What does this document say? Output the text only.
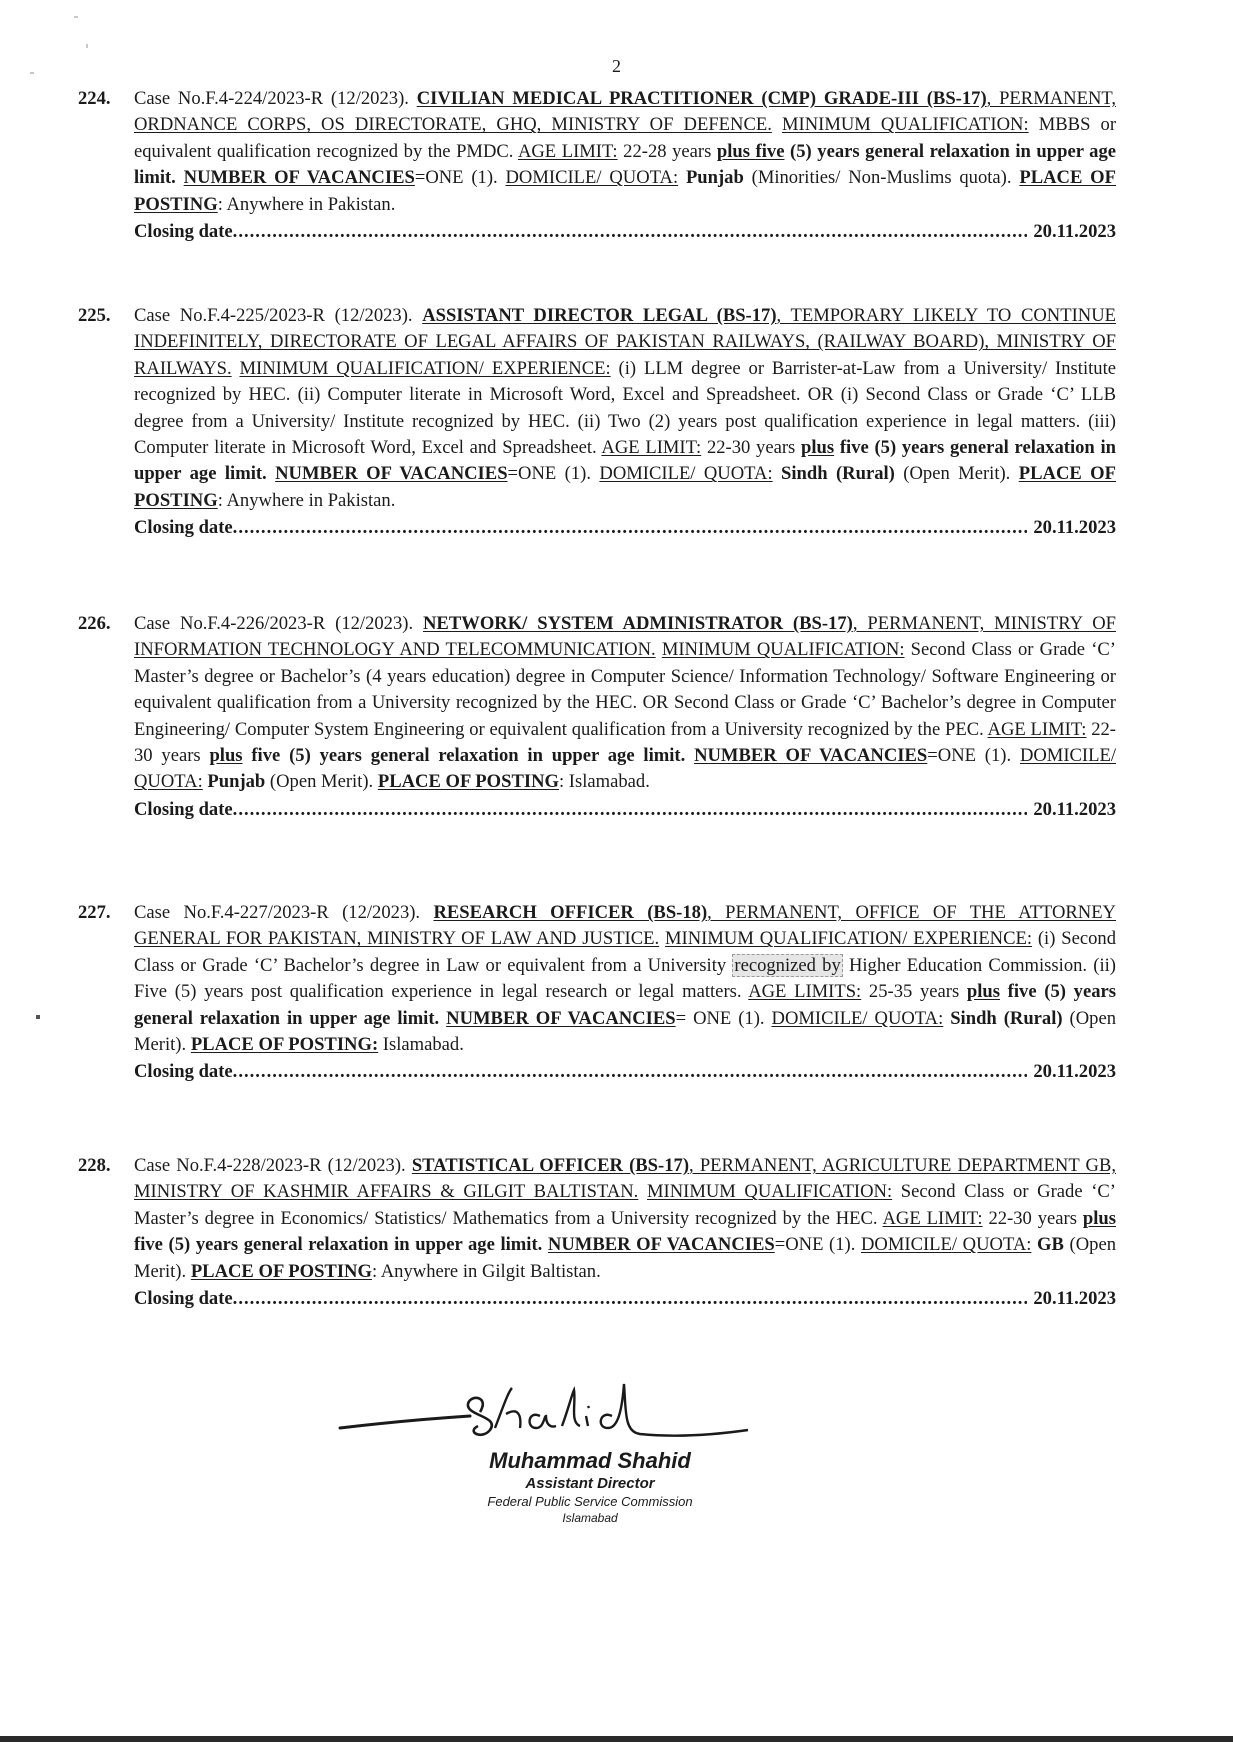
2
224.	Case No.F.4-224/2023-R (12/2023). CIVILIAN MEDICAL PRACTITIONER (CMP) GRADE-III (BS-17), PERMANENT, ORDNANCE CORPS, OS DIRECTORATE, GHQ, MINISTRY OF DEFENCE. MINIMUM QUALIFICATION: MBBS or equivalent qualification recognized by the PMDC. AGE LIMIT: 22-28 years plus five (5) years general relaxation in upper age limit. NUMBER OF VACANCIES=ONE (1). DOMICILE/ QUOTA: Punjab (Minorities/ Non-Muslims quota). PLACE OF POSTING: Anywhere in Pakistan.
Closing date .....	20.11.2023
225.	Case No.F.4-225/2023-R (12/2023). ASSISTANT DIRECTOR LEGAL (BS-17), TEMPORARY LIKELY TO CONTINUE INDEFINITELY, DIRECTORATE OF LEGAL AFFAIRS OF PAKISTAN RAILWAYS, (RAILWAY BOARD), MINISTRY OF RAILWAYS. MINIMUM QUALIFICATION/ EXPERIENCE: (i) LLM degree or Barrister-at-Law from a University/ Institute recognized by HEC. (ii) Computer literate in Microsoft Word, Excel and Spreadsheet. OR (i) Second Class or Grade ‘C’ LLB degree from a University/ Institute recognized by HEC. (ii) Two (2) years post qualification experience in legal matters. (iii) Computer literate in Microsoft Word, Excel and Spreadsheet. AGE LIMIT: 22-30 years plus five (5) years general relaxation in upper age limit. NUMBER OF VACANCIES=ONE (1). DOMICILE/ QUOTA: Sindh (Rural) (Open Merit). PLACE OF POSTING: Anywhere in Pakistan.
Closing date .....	20.11.2023
226.	Case No.F.4-226/2023-R (12/2023). NETWORK/ SYSTEM ADMINISTRATOR (BS-17), PERMANENT, MINISTRY OF INFORMATION TECHNOLOGY AND TELECOMMUNICATION. MINIMUM QUALIFICATION: Second Class or Grade ‘C’ Master’s degree or Bachelor’s (4 years education) degree in Computer Science/ Information Technology/ Software Engineering or equivalent qualification from a University recognized by the HEC. OR Second Class or Grade ‘C’ Bachelor’s degree in Computer Engineering/ Computer System Engineering or equivalent qualification from a University recognized by the PEC. AGE LIMIT: 22-30 years plus five (5) years general relaxation in upper age limit. NUMBER OF VACANCIES=ONE (1). DOMICILE/ QUOTA: Punjab (Open Merit). PLACE OF POSTING: Islamabad.
Closing date .....	20.11.2023
227.	Case No.F.4-227/2023-R (12/2023). RESEARCH OFFICER (BS-18), PERMANENT, OFFICE OF THE ATTORNEY GENERAL FOR PAKISTAN, MINISTRY OF LAW AND JUSTICE. MINIMUM QUALIFICATION/ EXPERIENCE: (i) Second Class or Grade ‘C’ Bachelor’s degree in Law or equivalent from a University recognized by Higher Education Commission. (ii) Five (5) years post qualification experience in legal research or legal matters. AGE LIMITS: 25-35 years plus five (5) years general relaxation in upper age limit. NUMBER OF VACANCIES= ONE (1). DOMICILE/ QUOTA: Sindh (Rural) (Open Merit). PLACE OF POSTING: Islamabad.
Closing date .....	20.11.2023
228.	Case No.F.4-228/2023-R (12/2023). STATISTICAL OFFICER (BS-17), PERMANENT, AGRICULTURE DEPARTMENT GB, MINISTRY OF KASHMIR AFFAIRS & GILGIT BALTISTAN. MINIMUM QUALIFICATION: Second Class or Grade ‘C’ Master’s degree in Economics/ Statistics/ Mathematics from a University recognized by the HEC. AGE LIMIT: 22-30 years plus five (5) years general relaxation in upper age limit. NUMBER OF VACANCIES=ONE (1). DOMICILE/ QUOTA: GB (Open Merit). PLACE OF POSTING: Anywhere in Gilgit Baltistan.
Closing date .....	20.11.2023
Muhammad Shahid
Assistant Director
Federal Public Service Commission
Islamabad
